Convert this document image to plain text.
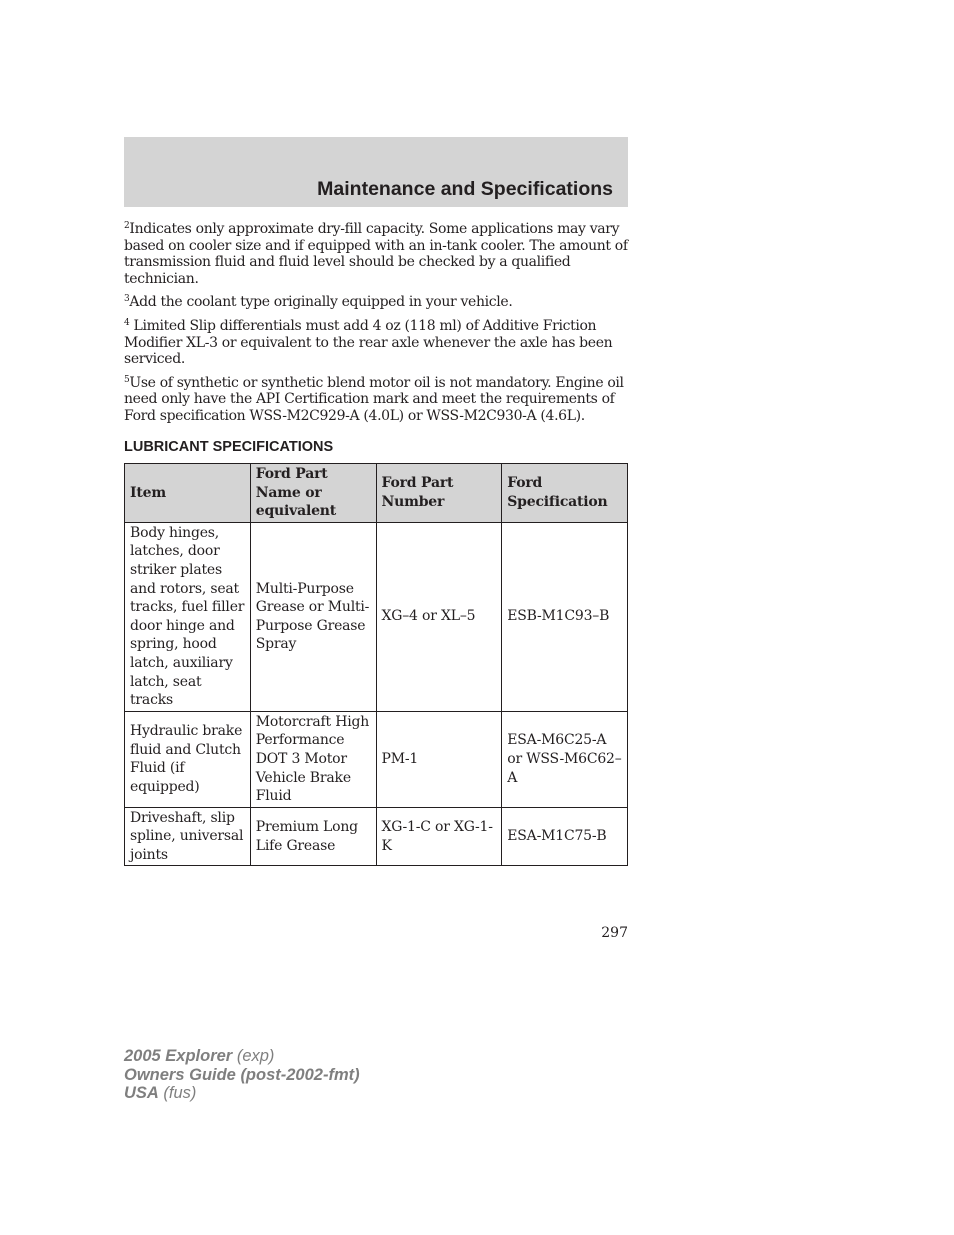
Maintenance and Specifications

$^2$Indicates only approximate dry-fill capacity. Some applications may vary based on cooler size and if equipped with an in-tank cooler. The amount of transmission fluid and fluid level should be checked by a qualified technician.

$^3$Add the coolant type originally equipped in your vehicle.

$^4$ Limited Slip differentials must add 4 oz (118 ml) of Additive Friction Modifier XL-3 or equivalent to the rear axle whenever the axle has been serviced.

$^5$Use of synthetic or synthetic blend motor oil is not mandatory. Engine oil need only have the API Certification mark and meet the requirements of Ford specification WSS-M2C929-A (4.0L) or WSS-M2C930-A (4.6L).

LUBRICANT SPECIFICATIONS
Item	Ford Part Name or equivalent	Ford Part Number	Ford Specification
Body hinges, latches, door striker plates and rotors, seat tracks, fuel filler door hinge and spring, hood latch, auxiliary latch, seat tracks	Multi-Purpose Grease or Multi-Purpose Grease Spray	XG–4 or XL–5	ESB-M1C93–B
Hydraulic brake fluid and Clutch Fluid (if equipped)	Motorcraft High Performance DOT 3 Motor Vehicle Brake Fluid	PM-1	ESA-M6C25-A or WSS-M6C62–A
Driveshaft, slip spline, universal joints	Premium Long Life Grease	XG-1-C or XG-1-K	ESA-M1C75-B
297
2005 Explorer (exp)
Owners Guide (post-2002-fmt)
USA (fus)
